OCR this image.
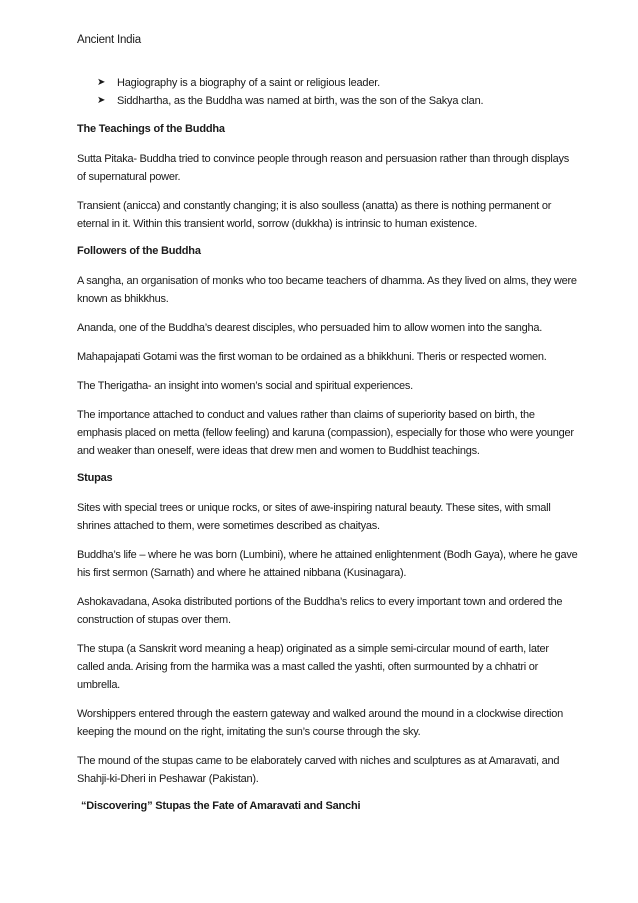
Ancient India
➤ Hagiography is a biography of a saint or religious leader.
➤ Siddhartha, as the Buddha was named at birth, was the son of the Sakya clan.
The Teachings of the Buddha

Sutta Pitaka- Buddha tried to convince people through reason and persuasion rather than through displays of supernatural power.

Transient (anicca) and constantly changing; it is also soulless (anatta) as there is nothing permanent or eternal in it. Within this transient world, sorrow (dukkha) is intrinsic to human existence.

Followers of the Buddha

A sangha, an organisation of monks who too became teachers of dhamma. As they lived on alms, they were known as bhikkhus.

Ananda, one of the Buddha’s dearest disciples, who persuaded him to allow women into the sangha.

Mahapajapati Gotami was the first woman to be ordained as a bhikkhuni. Theris or respected women.

The Therigatha- an insight into women’s social and spiritual experiences.

The importance attached to conduct and values rather than claims of superiority based on birth, the emphasis placed on metta (fellow feeling) and karuna (compassion), especially for those who were younger and weaker than oneself, were ideas that drew men and women to Buddhist teachings.

Stupas

Sites with special trees or unique rocks, or sites of awe-inspiring natural beauty. These sites, with small shrines attached to them, were sometimes described as chaityas.

Buddha’s life – where he was born (Lumbini), where he attained enlightenment (Bodh Gaya), where he gave his first sermon (Sarnath) and where he attained nibbana (Kusinagara).

Ashokavadana, Asoka distributed portions of the Buddha’s relics to every important town and ordered the construction of stupas over them.

The stupa (a Sanskrit word meaning a heap) originated as a simple semi-circular mound of earth, later called anda. Arising from the harmika was a mast called the yashti, often surmounted by a chhatri or umbrella.

Worshippers entered through the eastern gateway and walked around the mound in a clockwise direction keeping the mound on the right, imitating the sun’s course through the sky.

The mound of the stupas came to be elaborately carved with niches and sculptures as at Amaravati, and Shahji-ki-Dheri in Peshawar (Pakistan).

“Discovering” Stupas the Fate of Amaravati and Sanchi
